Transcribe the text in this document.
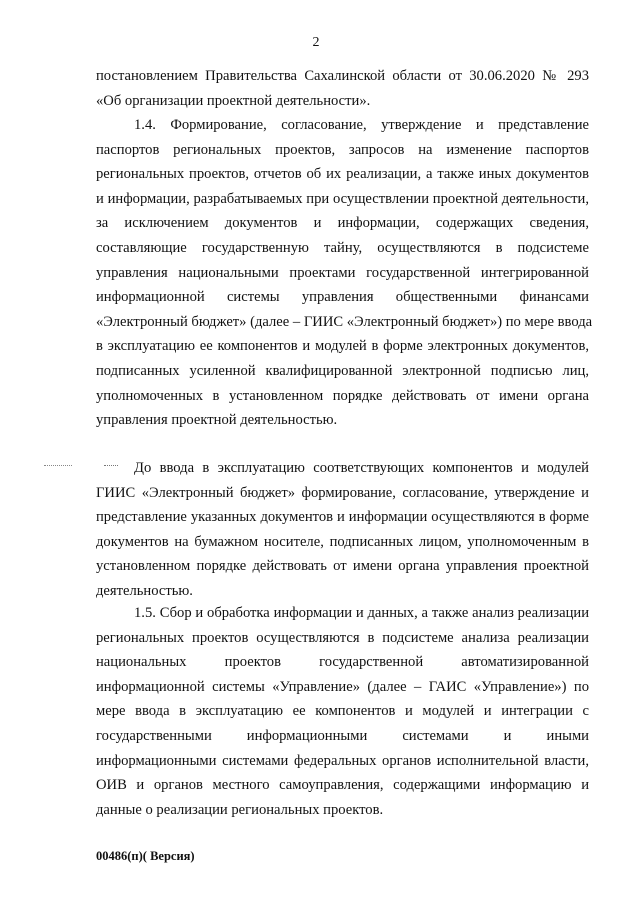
2
постановлением Правительства Сахалинской области от 30.06.2020 № 293
«Об организации проектной деятельности».
1.4. Формирование, согласование, утверждение и представление
паспортов региональных проектов, запросов на изменение паспортов
региональных проектов, отчетов об их реализации, а также иных документов
и информации, разрабатываемых при осуществлении проектной деятельности,
за исключением документов и информации, содержащих сведения,
составляющие государственную тайну, осуществляются в подсистеме
управления национальными проектами государственной интегрированной
информационной системы управления общественными финансами
«Электронный бюджет» (далее – ГИИС «Электронный бюджет») по мере ввода
в эксплуатацию ее компонентов и модулей в форме электронных документов,
подписанных усиленной квалифицированной электронной подписью лиц,
уполномоченных в установленном порядке действовать от имени органа
управления проектной деятельностью.
До ввода в эксплуатацию соответствующих компонентов и модулей
ГИИС «Электронный бюджет» формирование, согласование, утверждение и
представление указанных документов и информации осуществляются в форме
документов на бумажном носителе, подписанных лицом, уполномоченным в
установленном порядке действовать от имени органа управления проектной
деятельностью.
1.5. Сбор и обработка информации и данных, а также анализ реализации
региональных проектов осуществляются в подсистеме анализа реализации
национальных проектов государственной автоматизированной
информационной системы «Управление» (далее – ГАИС «Управление») по
мере ввода в эксплуатацию ее компонентов и модулей и интеграции с
государственными информационными системами и иными
информационными системами федеральных органов исполнительной власти,
ОИВ и органов местного самоуправления, содержащими информацию и
данные о реализации региональных проектов.
00486(п)( Версия)
